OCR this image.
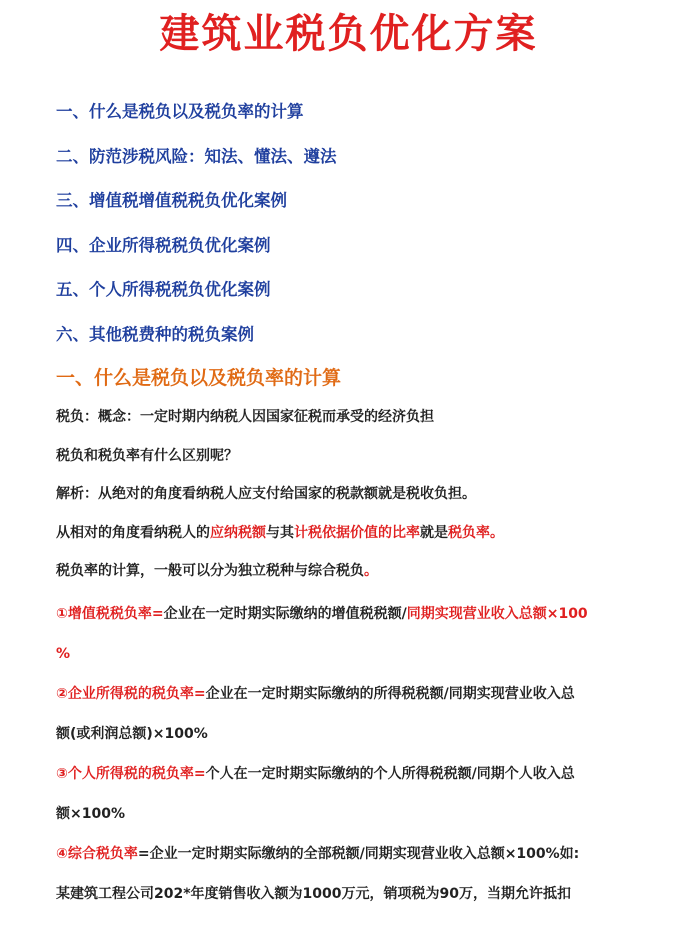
建筑业税负优化方案
一、什么是税负以及税负率的计算
二、防范涉税风险：知法、懂法、遵法
三、增值税增值税税负优化案例
四、企业所得税税负优化案例
五、个人所得税税负优化案例
六、其他税费种的税负案例
一、什么是税负以及税负率的计算
税负：概念：一定时期内纳税人因国家征税而承受的经济负担
税负和税负率有什么区别呢？
解析：从绝对的角度看纳税人应支付给国家的税款额就是税收负担。
从相对的角度看纳税人的应纳税额与其计税依据价值的比率就是税负率。
税负率的计算，一般可以分为独立税种与综合税负。
①增值税税负率=企业在一定时期实际缴纳的增值税税额/同期实现营业收入总额×100
%
②企业所得税的税负率=企业在一定时期实际缴纳的所得税税额/同期实现营业收入总
额(或利润总额)×100%
③个人所得税的税负率=个人在一定时期实际缴纳的个人所得税税额/同期个人收入总
额×100%
④综合税负率=企业一定时期实际缴纳的全部税额/同期实现营业收入总额×100%如:
某建筑工程公司202*年度销售收入额为1000万元，销项税为90万，当期允许抵扣
